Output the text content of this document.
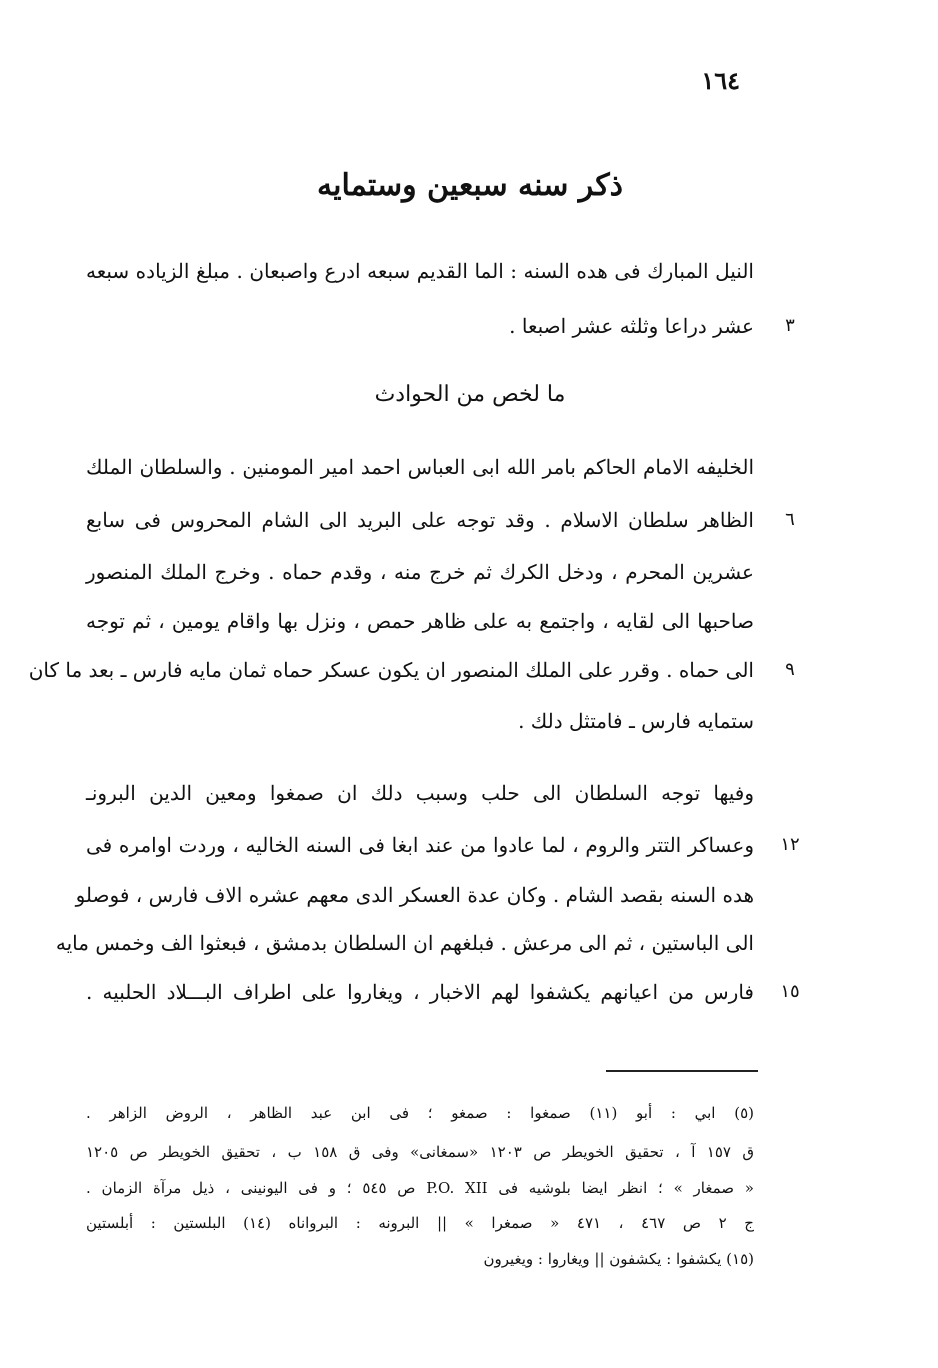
١٦٤
ذكر سنه سبعين وستمايه
النيل المبارك فى هده السنه : الما القديم سبعه ادرع واصبعان . مبلغ الزياده سبعه
عشر دراعا وثلثه عشر اصبعا .	٣
ما لخص من الحوادث
الخليفه الامام الحاكم بامر الله ابى العباس احمد امير المومنين . والسلطان الملك
الظاهر سلطان الاسلام . وقد توجه على البريد الى الشام المحروس فى سابع	٦
عشرين المحرم ، ودخل الكرك ثم خرج منه ، وقدم حماه . وخرج الملك المنصور
صاحبها الى لقايه ، واجتمع به على ظاهر حمص ، ونزل بها واقام يومين ، ثم توجه
الى حماه . وقرر على الملك المنصور ان يكون عسكر حماه ثمان مايه فارس ـ بعد ما كان	٩
ستمايه فارس ـ فامتثل دلك .
وفيها توجه السلطان الى حلب وسبب دلك ان صمغوا ومعين الدين البرونـ
وعساكر التتر والروم ، لما عادوا من عند ابغا فى السنه الخاليه ، وردت اوامره فى	١٢
هده السنه بقصد الشام . وكان عدة العسكر الدى معهم عشره الاف فارس ، فوصلو
الى الباستين ، ثم الى مرعش . فبلغهم ان السلطان بدمشق ، فبعثوا الف وخمس مايه
فارس من اعيانهم يكشفوا لهم الاخبار ، ويغاروا على اطراف البـــلاد الحلبيه .	١٥
(٥) ابي : أبو (١١) صمغوا : صمغو ؛ فى ابن عبد الظاهر ، الروض الزاهر .
ق ١٥٧ آ ، تحقيق الخويطر ص ١٢٠٣ «سمغانى» وفى ق ١٥٨ ب ، تحقيق الخويطر ص ١٢٠٥
« صمغار » ؛ انظر ايضا بلوشيه فى P.O. XII ص ٥٤٥ ؛ و فى اليونينى ، ذيل مرآة الزمان .
ج ٢ ص ٤٦٧ ، ٤٧١ « صمغرا » || البرونه : البرواناه (١٤) البلستين : أبلستين
(١٥) يكشفوا : يكشفون || ويغاروا : ويغيرون
